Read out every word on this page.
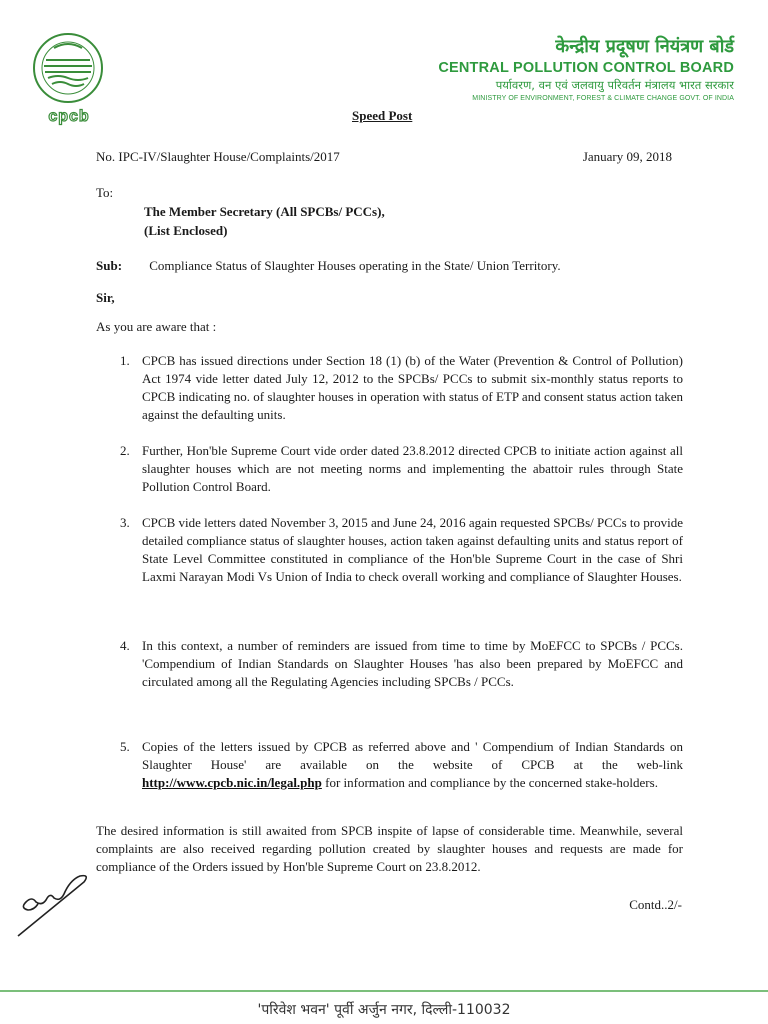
cpcb
केन्द्रीय प्रदूषण नियंत्रण बोर्ड
CENTRAL POLLUTION CONTROL BOARD
पर्यावरण, वन एवं जलवायु परिवर्तन मंत्रालय भारत सरकार
MINISTRY OF ENVIRONMENT, FOREST & CLIMATE CHANGE GOVT. OF INDIA
Speed Post
No. IPC-IV/Slaughter House/Complaints/2017	January 09, 2018
To:
The Member Secretary (All SPCBs/ PCCs),
(List Enclosed)
Sub: Compliance Status of Slaughter Houses operating in the State/ Union Territory.
Sir,
As you are aware that :
1. CPCB has issued directions under Section 18 (1) (b) of the Water (Prevention & Control of Pollution) Act 1974 vide letter dated July 12, 2012 to the SPCBs/ PCCs to submit six-monthly status reports to CPCB indicating no. of slaughter houses in operation with status of ETP and consent status action taken against the defaulting units.
2. Further, Hon'ble Supreme Court vide order dated 23.8.2012 directed CPCB to initiate action against all slaughter houses which are not meeting norms and implementing the abattoir rules through State Pollution Control Board.
3. CPCB vide letters dated November 3, 2015 and June 24, 2016 again requested SPCBs/ PCCs to provide detailed compliance status of slaughter houses, action taken against defaulting units and status report of State Level Committee constituted in compliance of the Hon'ble Supreme Court in the case of Shri Laxmi Narayan Modi Vs Union of India to check overall working and compliance of Slaughter Houses.
4. In this context, a number of reminders are issued from time to time by MoEFCC to SPCBs / PCCs. 'Compendium of Indian Standards on Slaughter Houses 'has also been prepared by MoEFCC and circulated among all the Regulating Agencies including SPCBs / PCCs.
5. Copies of the letters issued by CPCB as referred above and ' Compendium of Indian Standards on Slaughter House' are available on the website of CPCB at the web-link http://www.cpcb.nic.in/legal.php for information and compliance by the concerned stake-holders.
The desired information is still awaited from SPCB inspite of lapse of considerable time. Meanwhile, several complaints are also received regarding pollution created by slaughter houses and requests are made for compliance of the Orders issued by Hon'ble Supreme Court on 23.8.2012.
Contd..2/-
'परिवेश भवन' पूर्वी अर्जुन नगर, दिल्ली-110032
